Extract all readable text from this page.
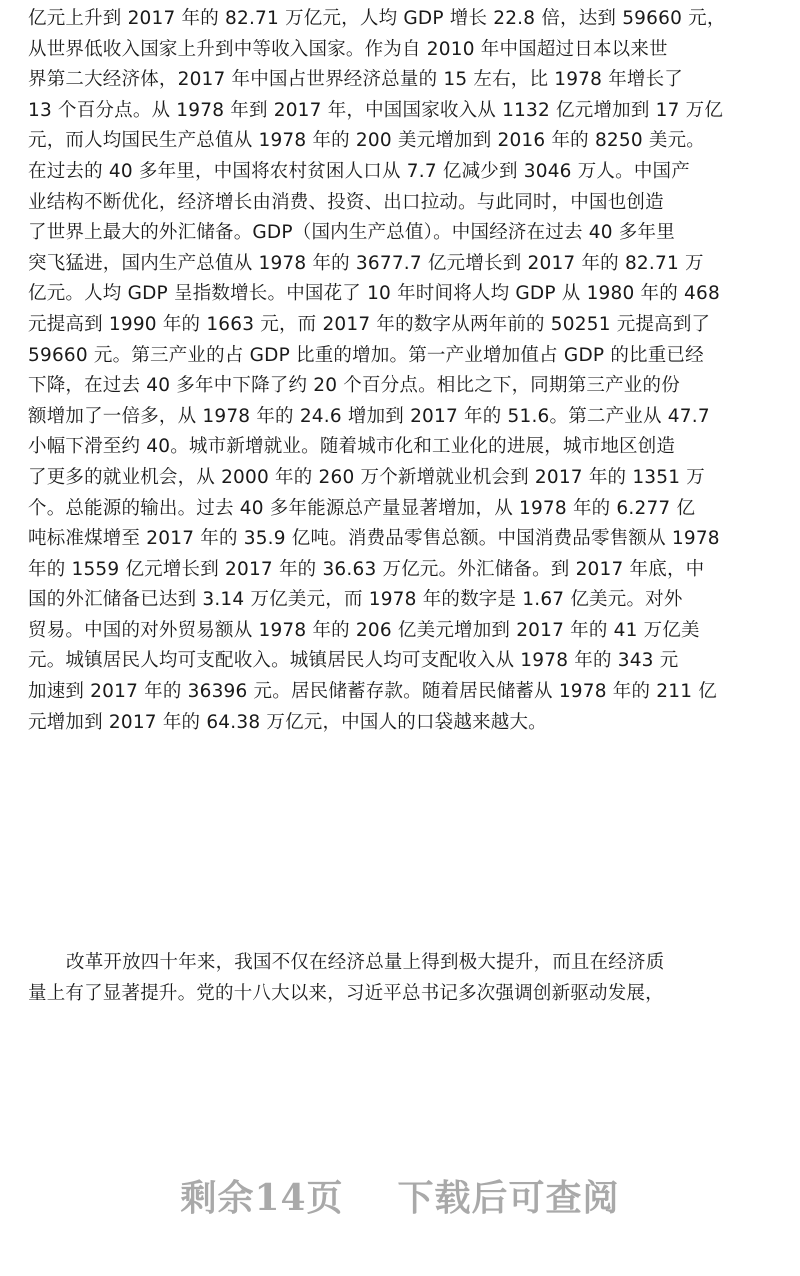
亿元上升到 2017 年的 82.71 万亿元，人均 GDP 增长 22.8 倍，达到 59660 元，
从世界低收入国家上升到中等收入国家。作为自 2010 年中国超过日本以来世
界第二大经济体，2017 年中国占世界经济总量的 15 左右，比 1978 年增长了
13 个百分点。从 1978 年到 2017 年，中国国家收入从 1132 亿元增加到 17 万亿
元，而人均国民生产总值从 1978 年的 200 美元增加到 2016 年的 8250 美元。
在过去的 40 多年里，中国将农村贫困人口从 7.7 亿减少到 3046 万人。中国产
业结构不断优化，经济增长由消费、投资、出口拉动。与此同时，中国也创造
了世界上最大的外汇储备。GDP（国内生产总值）。中国经济在过去 40 多年里
突飞猛进，国内生产总值从 1978 年的 3677.7 亿元增长到 2017 年的 82.71 万
亿元。人均 GDP 呈指数增长。中国花了 10 年时间将人均 GDP 从 1980 年的 468
元提高到 1990 年的 1663 元，而 2017 年的数字从两年前的 50251 元提高到了
59660 元。第三产业的占 GDP 比重的增加。第一产业增加值占 GDP 的比重已经
下降，在过去 40 多年中下降了约 20 个百分点。相比之下，同期第三产业的份
额增加了一倍多，从 1978 年的 24.6 增加到 2017 年的 51.6。第二产业从 47.7
小幅下滑至约 40。城市新增就业。随着城市化和工业化的进展，城市地区创造
了更多的就业机会，从 2000 年的 260 万个新增就业机会到 2017 年的 1351 万
个。总能源的输出。过去 40 多年能源总产量显著增加，从 1978 年的 6.277 亿
吨标准煤增至 2017 年的 35.9 亿吨。消费品零售总额。中国消费品零售额从 1978
年的 1559 亿元增长到 2017 年的 36.63 万亿元。外汇储备。到 2017 年底，中
国的外汇储备已达到 3.14 万亿美元，而 1978 年的数字是 1.67 亿美元。对外
贸易。中国的对外贸易额从 1978 年的 206 亿美元增加到 2017 年的 41 万亿美
元。城镇居民人均可支配收入。城镇居民人均可支配收入从 1978 年的 343 元
加速到 2017 年的 36396 元。居民储蓄存款。随着居民储蓄从 1978 年的 211 亿
元增加到 2017 年的 64.38 万亿元，中国人的口袋越来越大。
改革开放四十年来，我国不仅在经济总量上得到极大提升，而且在经济质
量上有了显著提升。党的十八大以来，习近平总书记多次强调创新驱动发展，
剩余14页 下载后可查阅
